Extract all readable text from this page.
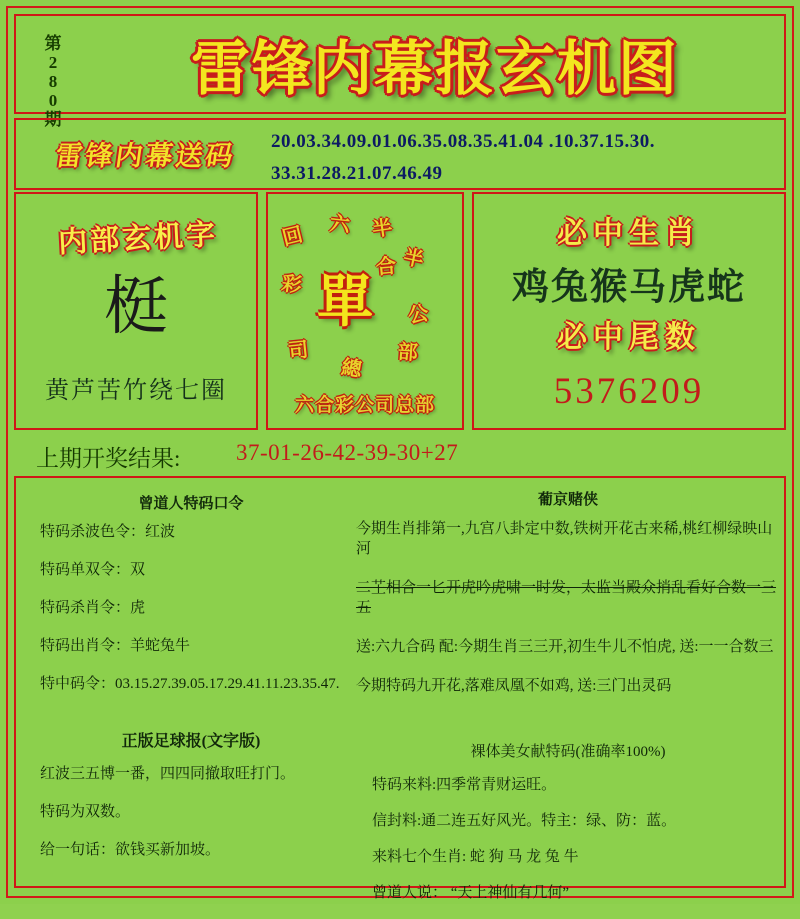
第
2
8
0
期
雷锋内幕报玄机图
雷锋内幕送码	20.03.34.09.01.06.35.08.35.41.04 .10.37.15.30.
33.31.28.21.07.46.49
内部玄机字
梃
黄芦苦竹绕七圈
回 六 半
半
合
彩
公
司
總
部
單
六合彩公司总部
必中生肖
鸡兔猴马虎蛇
必中尾数
5376209
上期开奖结果: 37-01-26-42-39-30+27
曾道人特码口令
特码杀波色令：红波
特码单双令：双
特码杀肖令：虎
特码出肖令：羊蛇兔牛
特中码令：03.15.27.39.05.17.29.41.11.23.35.47.
正版足球报(文字版)
红波三五博一番，四四同撤取旺打门。
特码为双数。
给一句话：欲钱买新加坡。
葡京赌侠
今期生肖排第一,九宫八卦定中数,铁树开花古来稀,桃红柳绿映山河
二芏相合一匕开虎吟虎啸一时发，太监当殿众捎乱看好合数一三五
送:六九合码 配:今期生肖三三开,初生牛儿不怕虎, 送:一一合数三
今期特码九开花,落难凤凰不如鸡, 送:三门出灵码
裸体美女献特码(准确率100%)
特码来料:四季常青财运旺。
信封料:通二连五好风光。特主：绿、防：蓝。
来料七个生肖: 蛇 狗 马 龙 兔 牛
曾道人说： “天上神仙有几何”
